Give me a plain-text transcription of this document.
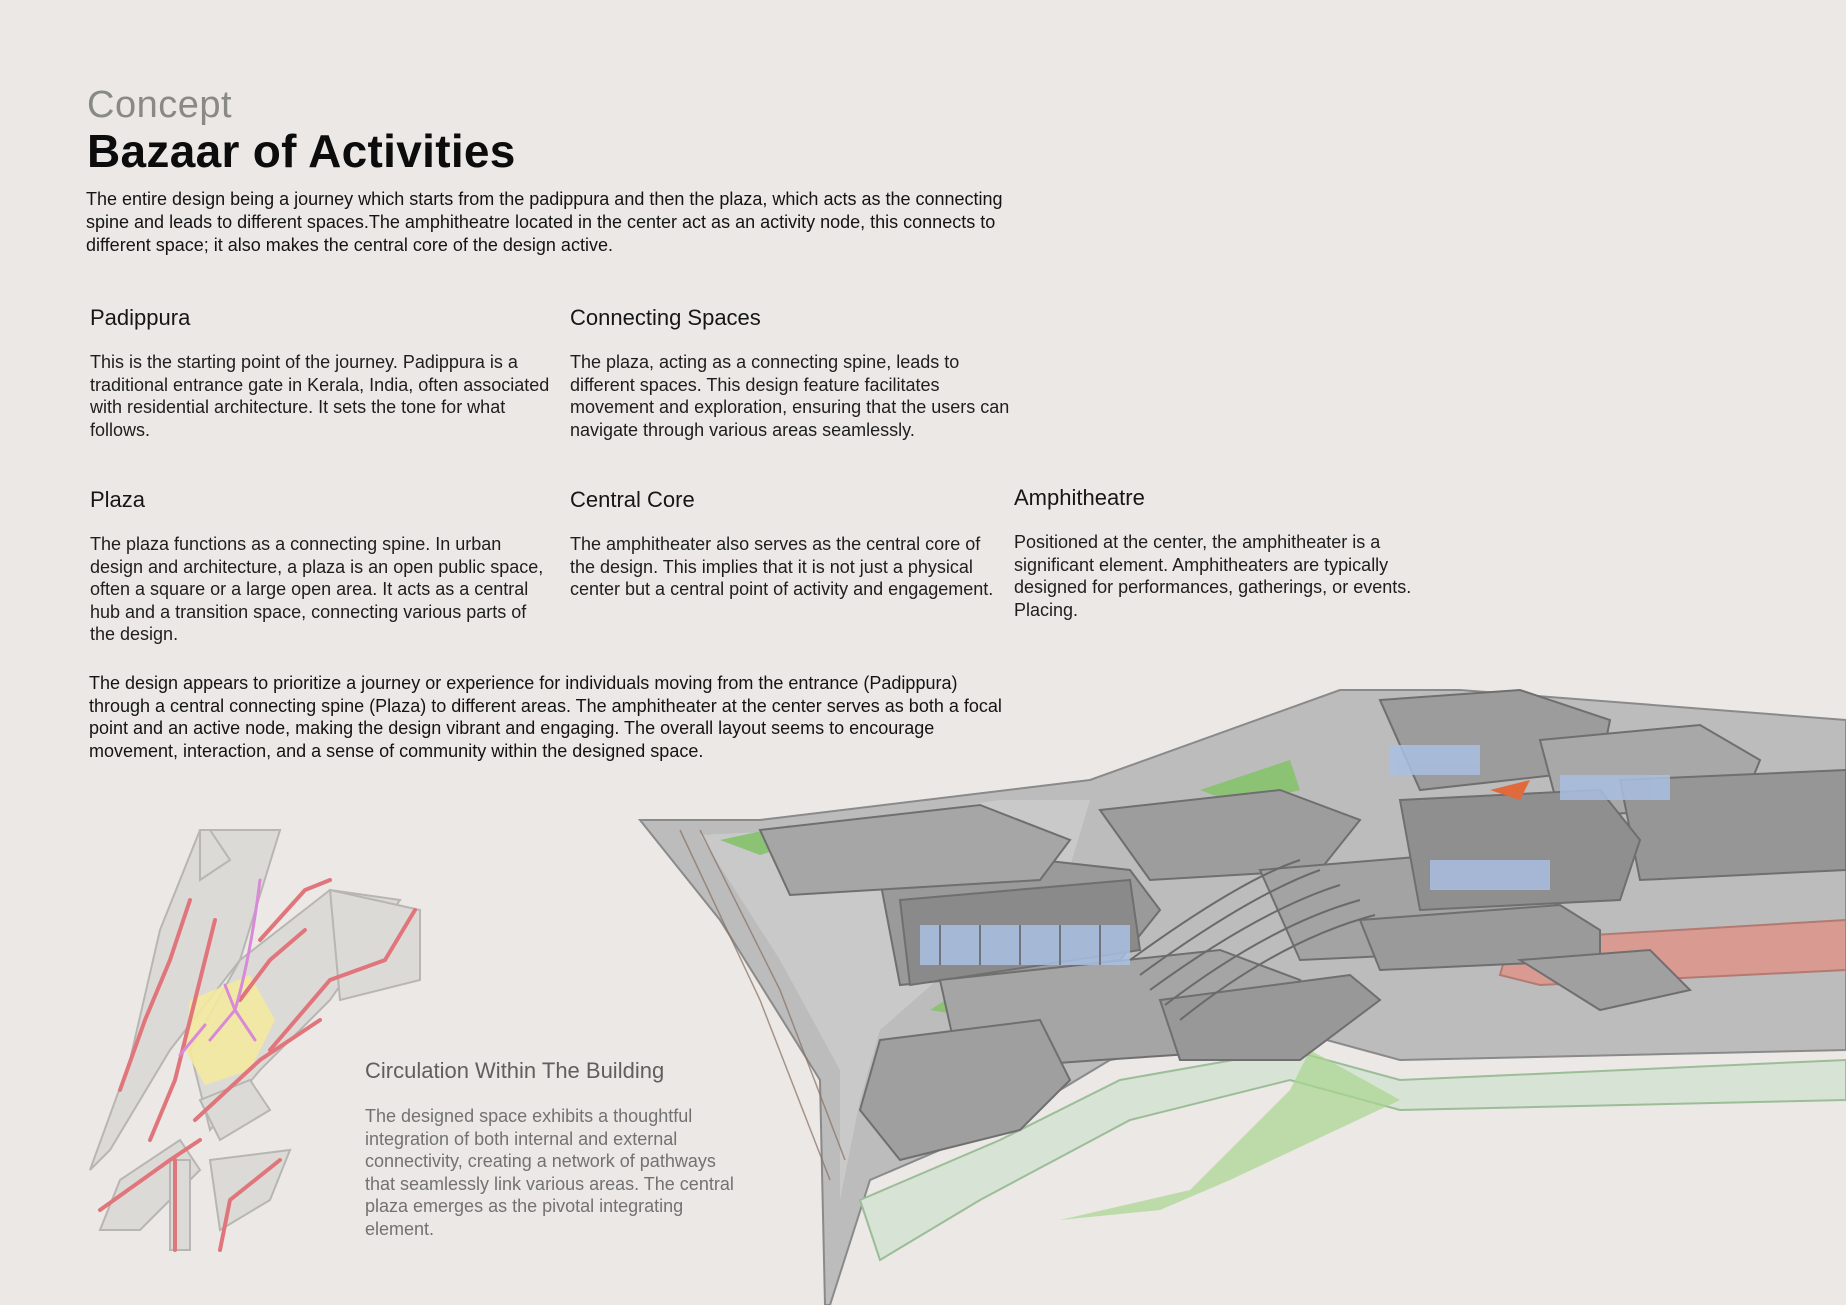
Concept
Bazaar of Activities
The entire design being a journey which starts from the padippura and then the plaza, which acts as the connecting spine and leads to different spaces.The amphitheatre located in the center act as an activity node, this connects to different space; it also makes the central core of the design active.
Padippura
This is the starting point of the journey. Padippura is a traditional entrance gate in Kerala, India, often associated with residential architecture. It sets the tone for what follows.
Connecting Spaces
The plaza, acting as a connecting spine, leads to different spaces. This design feature facilitates movement and exploration, ensuring that the users can navigate through various areas seamlessly.
Plaza
The plaza functions as a connecting spine. In urban design and architecture, a plaza is an open public space, often a square or a large open area. It acts as a central hub and a transition space, connecting various parts of the design.
Central Core
The amphitheater also serves as the central core of the design. This implies that it is not just a physical center but a central point of activity and engagement.
Amphitheatre
Positioned at the center, the amphitheater is a significant element. Amphitheaters are typically designed for performances, gatherings, or events. Placing.
The design appears to prioritize a journey or experience for individuals moving from the entrance (Padippura) through a central connecting spine (Plaza) to different areas. The amphitheater at the center serves as both a focal point and an active node, making the design vibrant and engaging. The overall layout seems to encourage movement, interaction, and a sense of community within the designed space.
Circulation Within The Building
The designed space exhibits a thoughtful integration of both internal and external connectivity, creating a network of pathways that seamlessly link various areas. The central plaza emerges as the pivotal integrating element.
